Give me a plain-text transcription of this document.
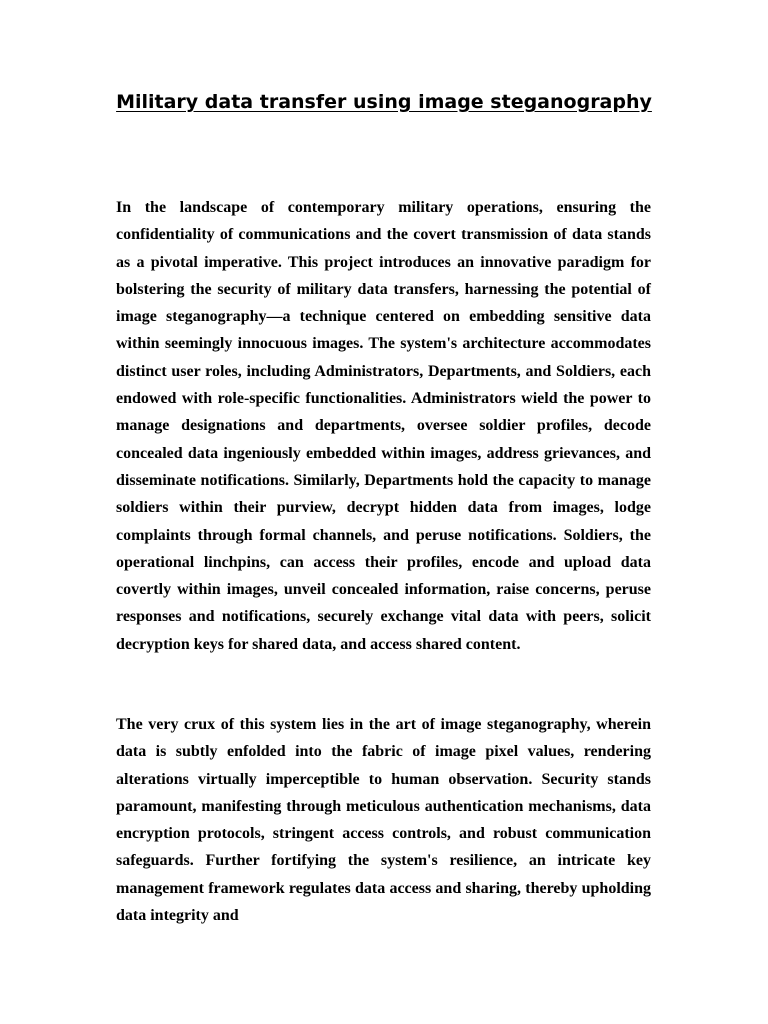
Military data transfer using image steganography

In the landscape of contemporary military operations, ensuring the confidentiality of communications and the covert transmission of data stands as a pivotal imperative. This project introduces an innovative paradigm for bolstering the security of military data transfers, harnessing the potential of image steganography—a technique centered on embedding sensitive data within seemingly innocuous images. The system's architecture accommodates distinct user roles, including Administrators, Departments, and Soldiers, each endowed with role-specific functionalities. Administrators wield the power to manage designations and departments, oversee soldier profiles, decode concealed data ingeniously embedded within images, address grievances, and disseminate notifications. Similarly, Departments hold the capacity to manage soldiers within their purview, decrypt hidden data from images, lodge complaints through formal channels, and peruse notifications. Soldiers, the operational linchpins, can access their profiles, encode and upload data covertly within images, unveil concealed information, raise concerns, peruse responses and notifications, securely exchange vital data with peers, solicit decryption keys for shared data, and access shared content.

The very crux of this system lies in the art of image steganography, wherein data is subtly enfolded into the fabric of image pixel values, rendering alterations virtually imperceptible to human observation. Security stands paramount, manifesting through meticulous authentication mechanisms, data encryption protocols, stringent access controls, and robust communication safeguards. Further fortifying the system's resilience, an intricate key management framework regulates data access and sharing, thereby upholding data integrity and
